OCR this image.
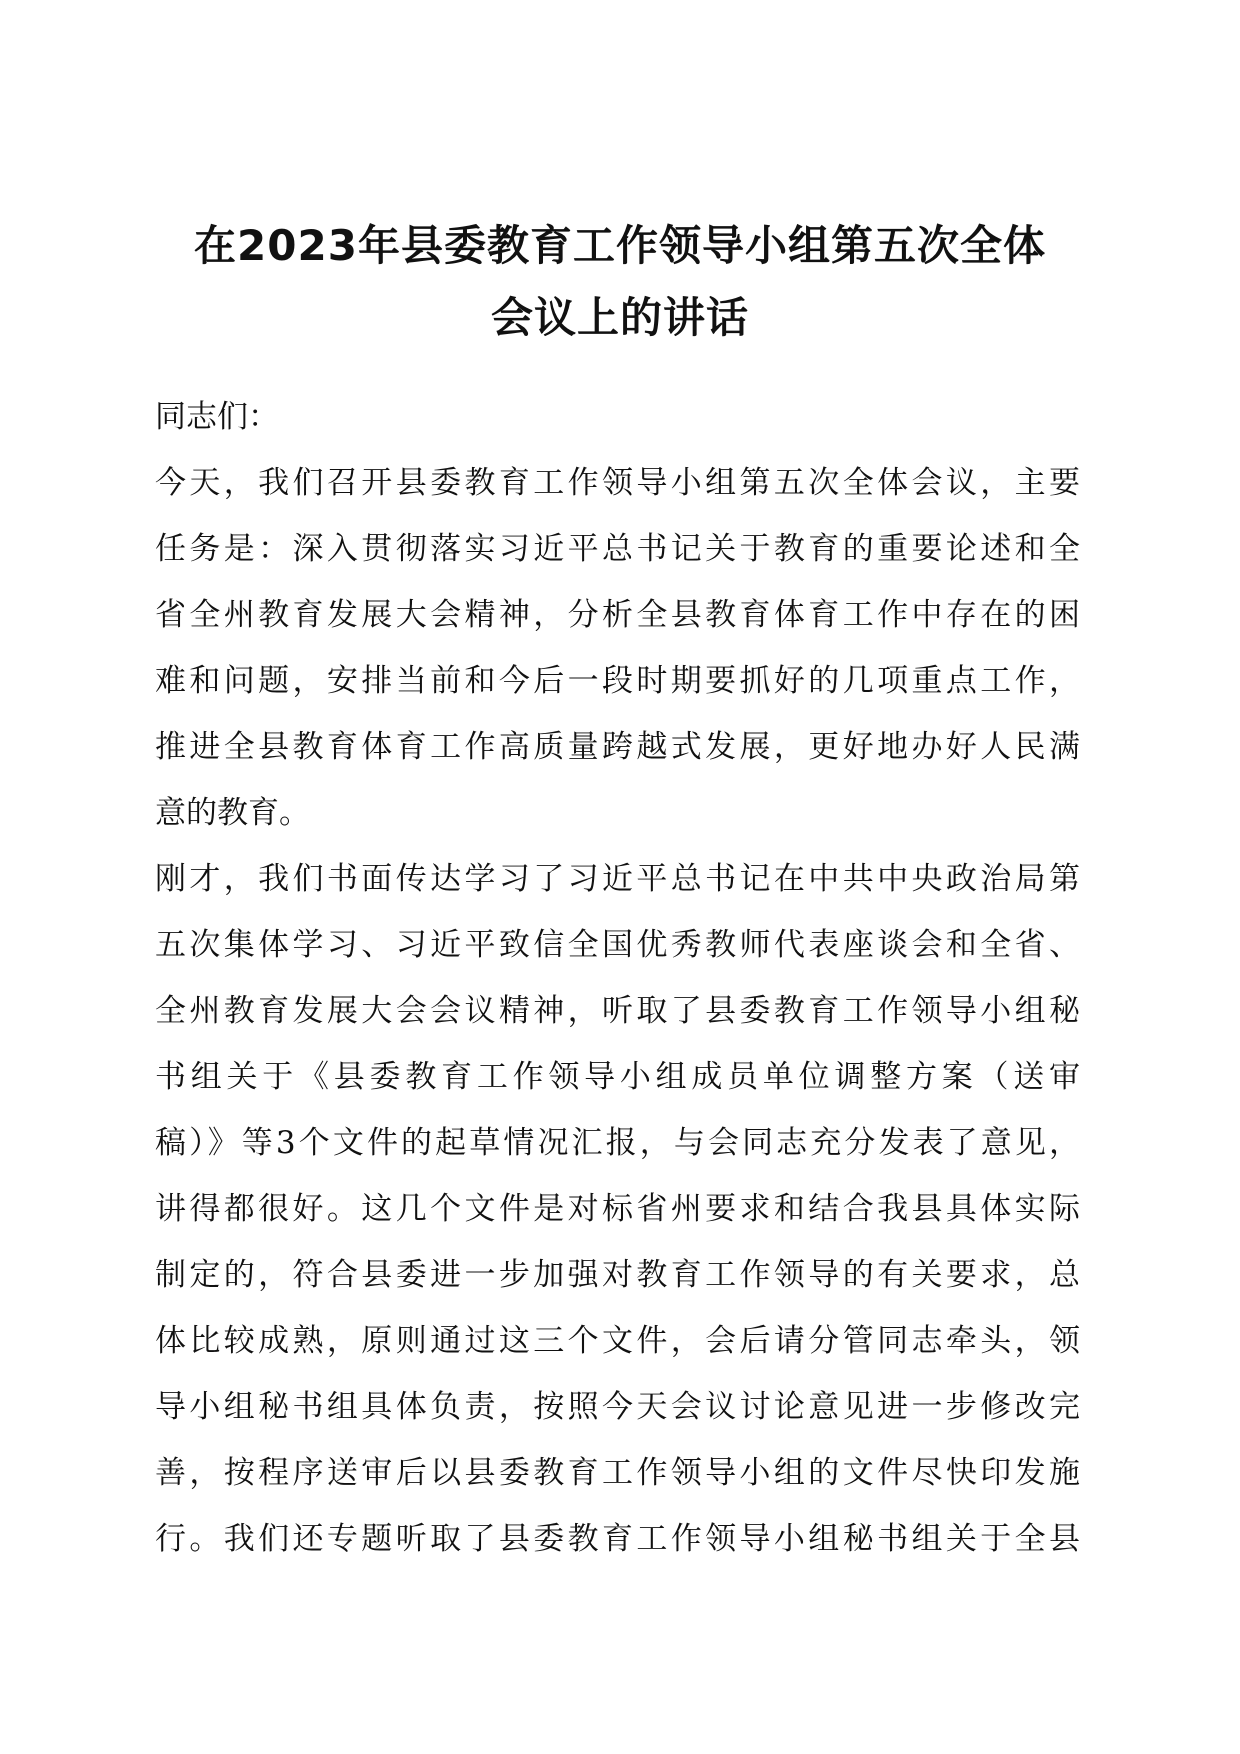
在2023年县委教育工作领导小组第五次全体
会议上的讲话

同志们：

今天，我们召开县委教育工作领导小组第五次全体会议，主要
任务是：深入贯彻落实习近平总书记关于教育的重要论述和全
省全州教育发展大会精神，分析全县教育体育工作中存在的困
难和问题，安排当前和今后一段时期要抓好的几项重点工作，
推进全县教育体育工作高质量跨越式发展，更好地办好人民满
意的教育。

刚才，我们书面传达学习了习近平总书记在中共中央政治局第
五次集体学习、习近平致信全国优秀教师代表座谈会和全省、
全州教育发展大会会议精神，听取了县委教育工作领导小组秘
书组关于《县委教育工作领导小组成员单位调整方案（送审
稿）》等3个文件的起草情况汇报，与会同志充分发表了意见，
讲得都很好。这几个文件是对标省州要求和结合我县具体实际
制定的，符合县委进一步加强对教育工作领导的有关要求，总
体比较成熟，原则通过这三个文件，会后请分管同志牵头，领
导小组秘书组具体负责，按照今天会议讨论意见进一步修改完
善，按程序送审后以县委教育工作领导小组的文件尽快印发施
行。我们还专题听取了县委教育工作领导小组秘书组关于全县
